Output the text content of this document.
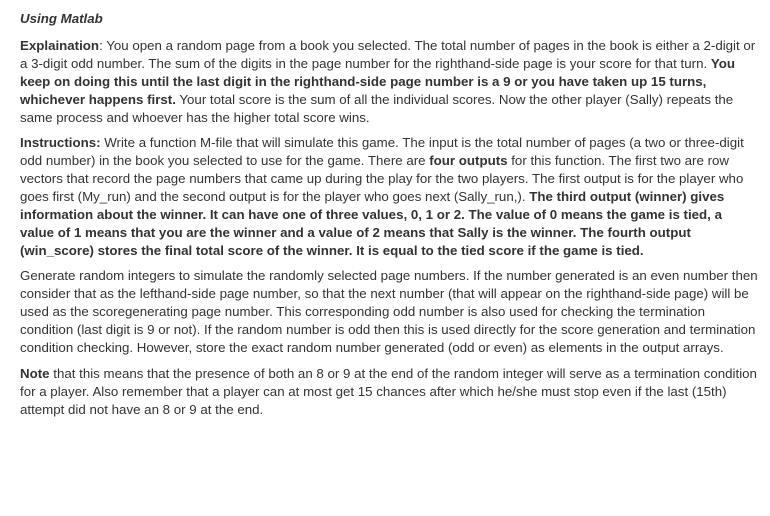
Using Matlab
Explaination: You open a random page from a book you selected. The total number of pages in the book is either a 2-digit or a 3-digit odd number. The sum of the digits in the page number for the righthand-side page is your score for that turn. You keep on doing this until the last digit in the righthand-side page number is a 9 or you have taken up 15 turns, whichever happens first. Your total score is the sum of all the individual scores. Now the other player (Sally) repeats the same process and whoever has the higher total score wins.
Instructions: Write a function M-file that will simulate this game. The input is the total number of pages (a two or three-digit odd number) in the book you selected to use for the game. There are four outputs for this function. The first two are row vectors that record the page numbers that came up during the play for the two players. The first output is for the player who goes first (My_run) and the second output is for the player who goes next (Sally_run,). The third output (winner) gives information about the winner. It can have one of three values, 0, 1 or 2. The value of 0 means the game is tied, a value of 1 means that you are the winner and a value of 2 means that Sally is the winner. The fourth output (win_score) stores the final total score of the winner. It is equal to the tied score if the game is tied.
Generate random integers to simulate the randomly selected page numbers. If the number generated is an even number then consider that as the lefthand-side page number, so that the next number (that will appear on the righthand-side page) will be used as the scoregenerating page number. This corresponding odd number is also used for checking the termination condition (last digit is 9 or not). If the random number is odd then this is used directly for the score generation and termination condition checking. However, store the exact random number generated (odd or even) as elements in the output arrays.
Note that this means that the presence of both an 8 or 9 at the end of the random integer will serve as a termination condition for a player. Also remember that a player can at most get 15 chances after which he/she must stop even if the last (15th) attempt did not have an 8 or 9 at the end.
